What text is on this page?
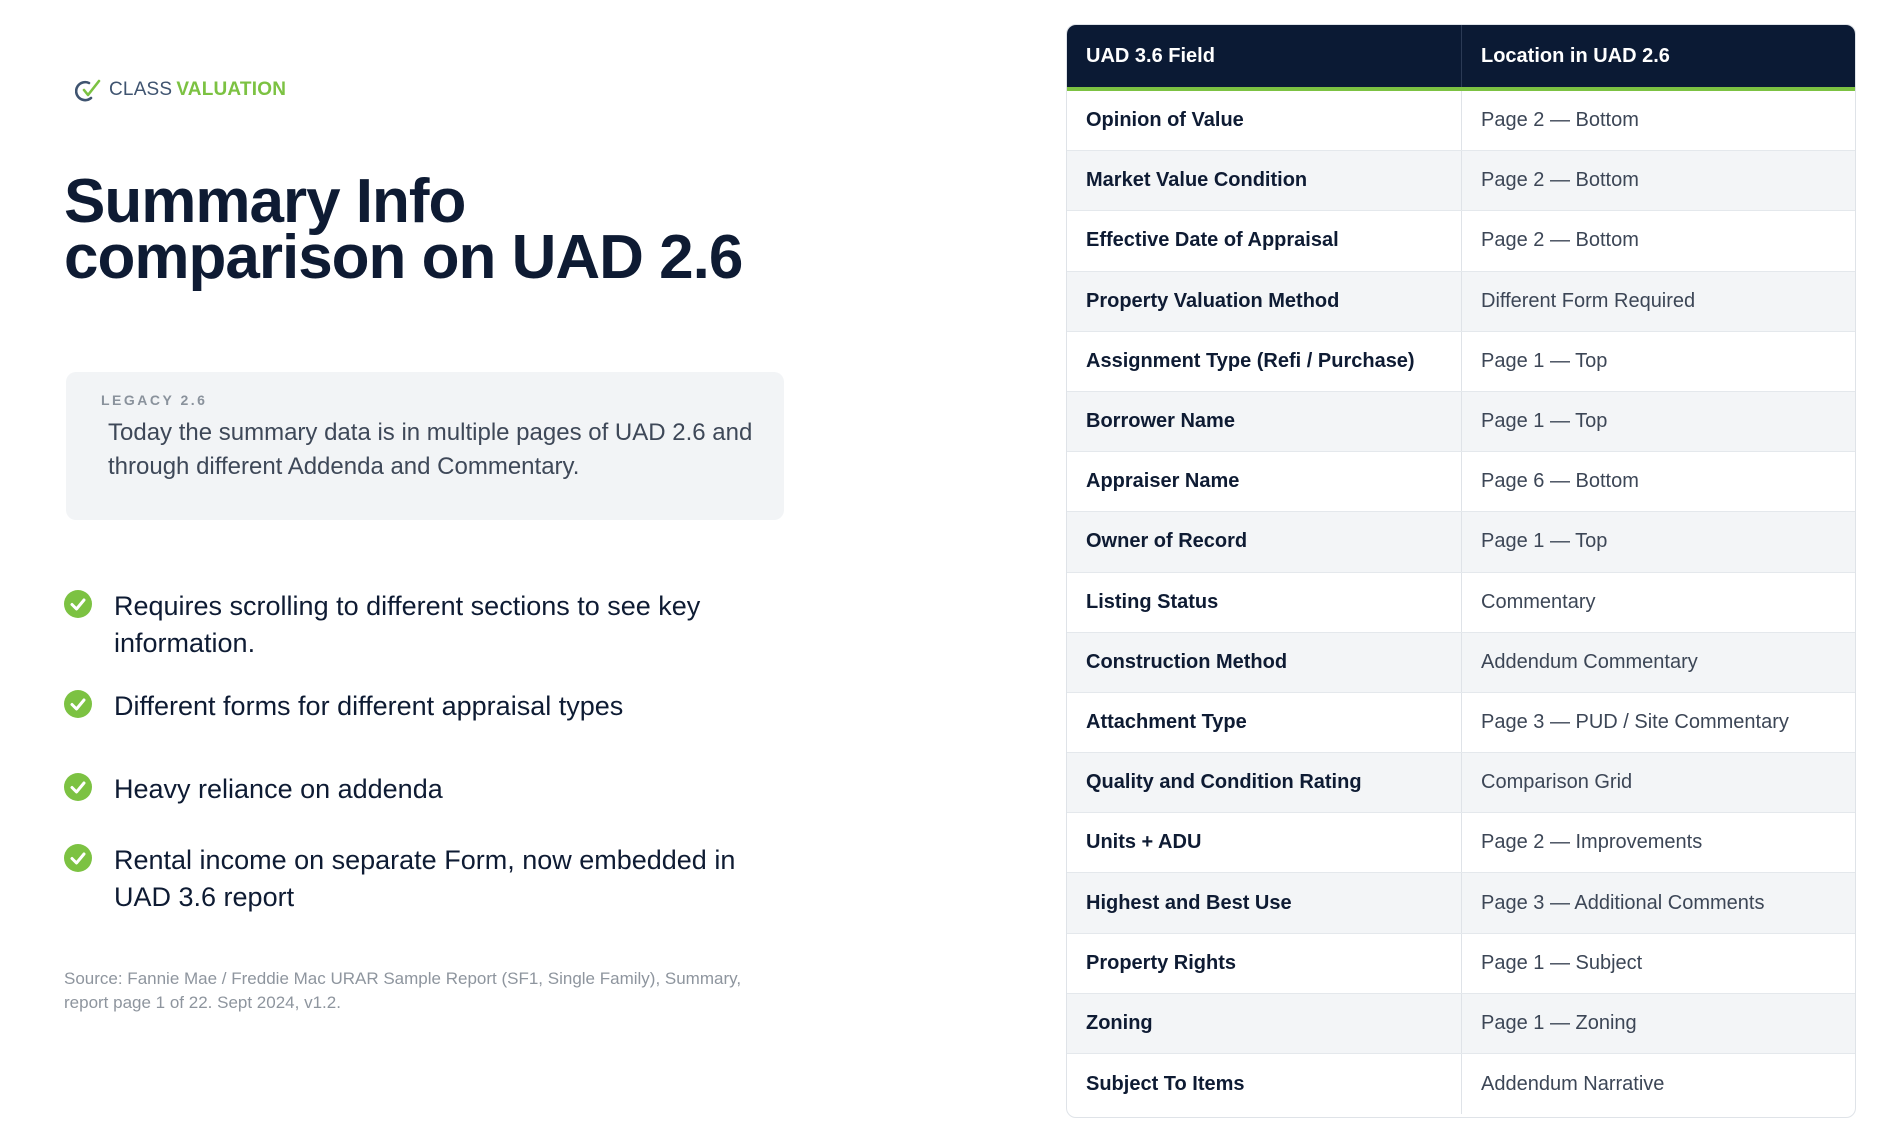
CLASS VALUATION
Summary Info
comparison on UAD 2.6
LEGACY 2.6
Today the summary data is in multiple pages of UAD 2.6 and through different Addenda and Commentary.
Requires scrolling to different sections to see key information.
Different forms for different appraisal types
Heavy reliance on addenda
Rental income on separate Form, now embedded in UAD 3.6 report
Source: Fannie Mae / Freddie Mac URAR Sample Report (SF1, Single Family), Summary, report page 1 of 22. Sept 2024, v1.2.
UAD 3.6 Field	Location in UAD 2.6
Opinion of Value	Page 2 — Bottom
Market Value Condition	Page 2 — Bottom
Effective Date of Appraisal	Page 2 — Bottom
Property Valuation Method	Different Form Required
Assignment Type (Refi / Purchase)	Page 1 — Top
Borrower Name	Page 1 — Top
Appraiser Name	Page 6 — Bottom
Owner of Record	Page 1 — Top
Listing Status	Commentary
Construction Method	Addendum Commentary
Attachment Type	Page 3 — PUD / Site Commentary
Quality and Condition Rating	Comparison Grid
Units + ADU	Page 2 — Improvements
Highest and Best Use	Page 3 — Additional Comments
Property Rights	Page 1 — Subject
Zoning	Page 1 — Zoning
Subject To Items	Addendum Narrative
